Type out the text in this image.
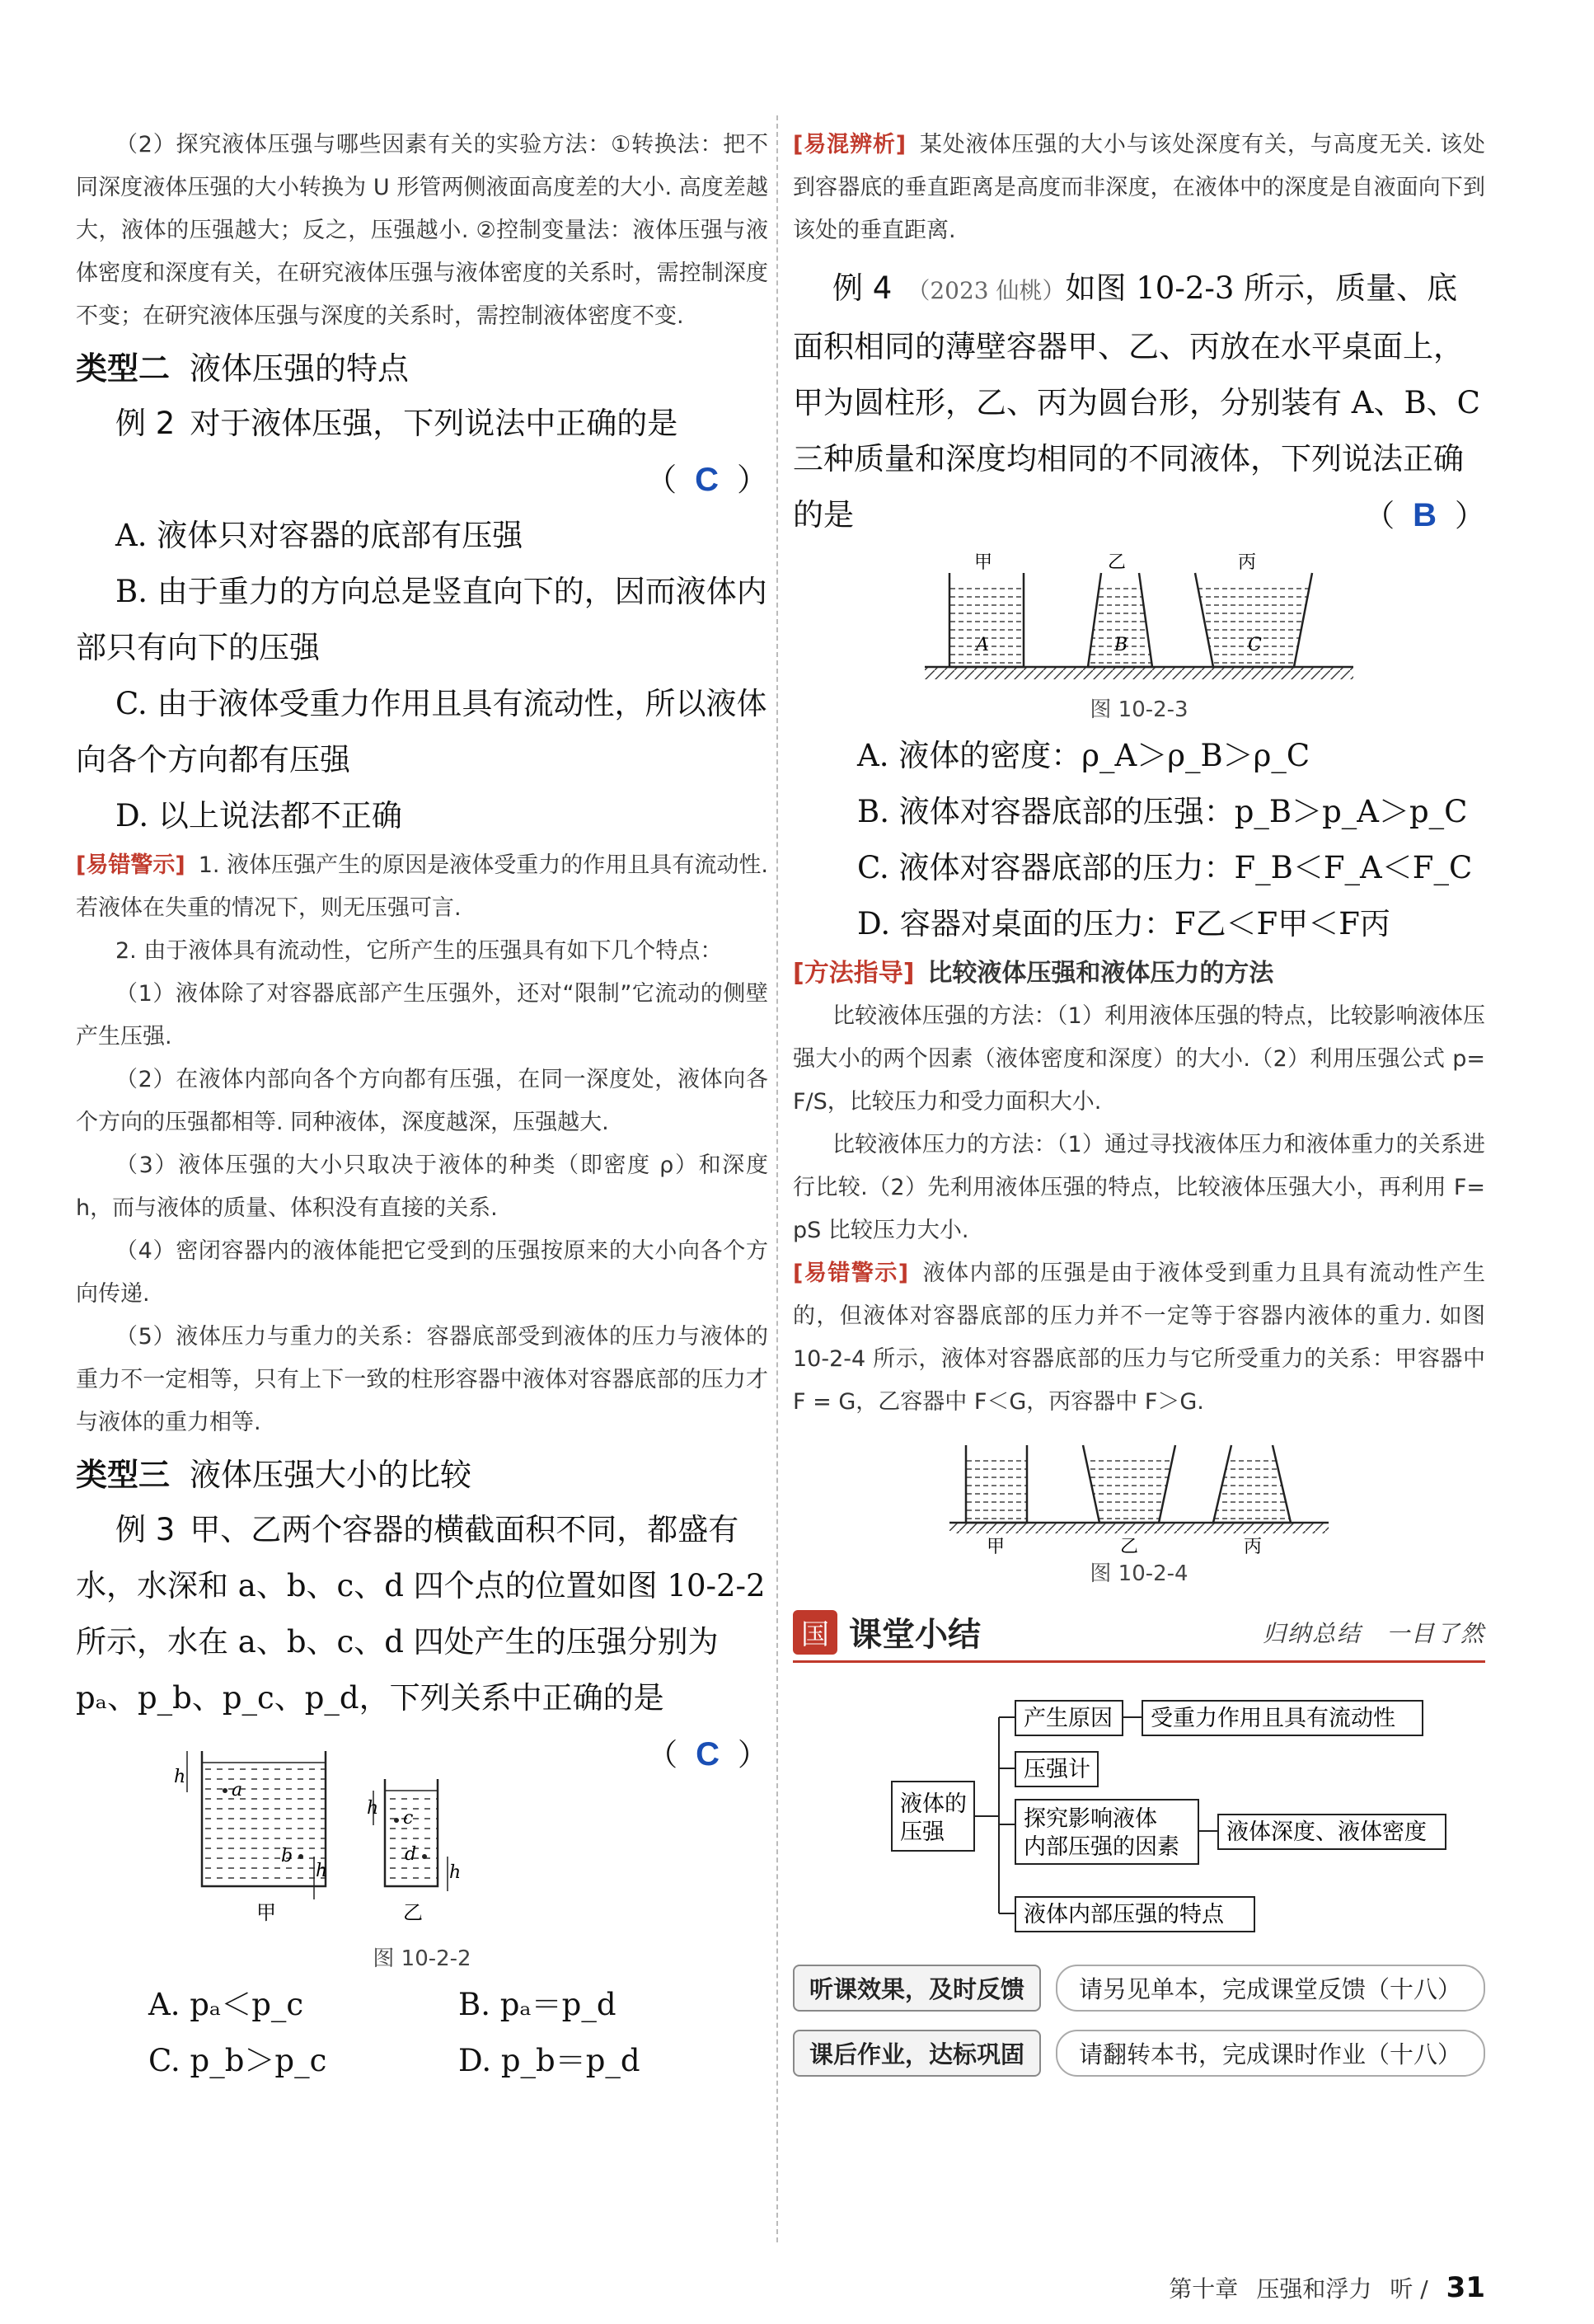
（2）探究液体压强与哪些因素有关的实验方法：①转换法：把不同深度液体压强的大小转换为 U 形管两侧液面高度差的大小. 高度差越大，液体的压强越大；反之，压强越小. ②控制变量法：液体压强与液体密度和深度有关，在研究液体压强与液体密度的关系时，需控制深度不变；在研究液体压强与深度的关系时，需控制液体密度不变.

类型二 液体压强的特点

例 2 对于液体压强，下列说法中正确的是

（ C ）

A. 液体只对容器的底部有压强

B. 由于重力的方向总是竖直向下的，因而液体内部只有向下的压强

C. 由于液体受重力作用且具有流动性，所以液体向各个方向都有压强

D. 以上说法都不正确

[易错警示] 1. 液体压强产生的原因是液体受重力的作用且具有流动性. 若液体在失重的情况下，则无压强可言.

2. 由于液体具有流动性，它所产生的压强具有如下几个特点：

（1）液体除了对容器底部产生压强外，还对“限制”它流动的侧壁产生压强.

（2）在液体内部向各个方向都有压强，在同一深度处，液体向各个方向的压强都相等. 同种液体，深度越深，压强越大.

（3）液体压强的大小只取决于液体的种类（即密度 ρ）和深度 h，而与液体的质量、体积没有直接的关系.

（4）密闭容器内的液体能把它受到的压强按原来的大小向各个方向传递.

（5）液体压力与重力的关系：容器底部受到液体的压力与液体的重力不一定相等，只有上下一致的柱形容器中液体对容器底部的压力才与液体的重力相等.

类型三 液体压强大小的比较

例 3 甲、乙两个容器的横截面积不同，都盛有水，水深和 a、b、c、d 四个点的位置如图 10-2-2 所示，水在 a、b、c、d 四处产生的压强分别为 pₐ、p_b、p_c、p_d，下列关系中正确的是
（ C ）

h
a
b
h
甲
h c
d
h
乙

图 10-2-2

A. pₐ＜p_c	B. pₐ＝p_d
C. p_b＞p_c	D. p_b＝p_d

[易混辨析] 某处液体压强的大小与该处深度有关，与高度无关. 该处到容器底的垂直距离是高度而非深度，在液体中的深度是自液面向下到该处的垂直距离.

例 4 （2023 仙桃）如图 10-2-3 所示，质量、底面积相同的薄壁容器甲、乙、丙放在水平桌面上，甲为圆柱形，乙、丙为圆台形，分别装有 A、B、C 三种质量和深度均相同的不同液体，下列说法正确的是	（ B ）

甲
A
乙
B
丙
C

图 10-2-3

A. 液体的密度：ρ_A＞ρ_B＞ρ_C

B. 液体对容器底部的压强：p_B＞p_A＞p_C

C. 液体对容器底部的压力：F_B＜F_A＜F_C

D. 容器对桌面的压力：F乙＜F甲＜F丙

[方法指导] 比较液体压强和液体压力的方法

比较液体压强的方法：（1）利用液体压强的特点，比较影响液体压强大小的两个因素（液体密度和深度）的大小.（2）利用压强公式 p= F/S，比较压力和受力面积大小.

比较液体压力的方法：（1）通过寻找液体压力和液体重力的关系进行比较.（2）先利用液体压强的特点，比较液体压强大小，再利用 F= pS 比较压力大小.

[易错警示] 液体内部的压强是由于液体受到重力且具有流动性产生的，但液体对容器底部的压力并不一定等于容器内液体的重力. 如图 10-2-4 所示，液体对容器底部的压力与它所受重力的关系：甲容器中 F = G，乙容器中 F＜G，丙容器中 F＞G.

甲	乙	丙

图 10-2-4

国 课堂小结	归纳总结　一目了然
液体的
压强
产生原因 受重力作用且具有流动性
压强计
探究影响液体
内部压强的因素
液体深度、液体密度
液体内部压强的特点
听课效果，及时反馈	请另见单本，完成课堂反馈（十八）
课后作业，达标巩固	请翻转本书，完成课时作业（十八）
第十章 压强和浮力 听 / 31
